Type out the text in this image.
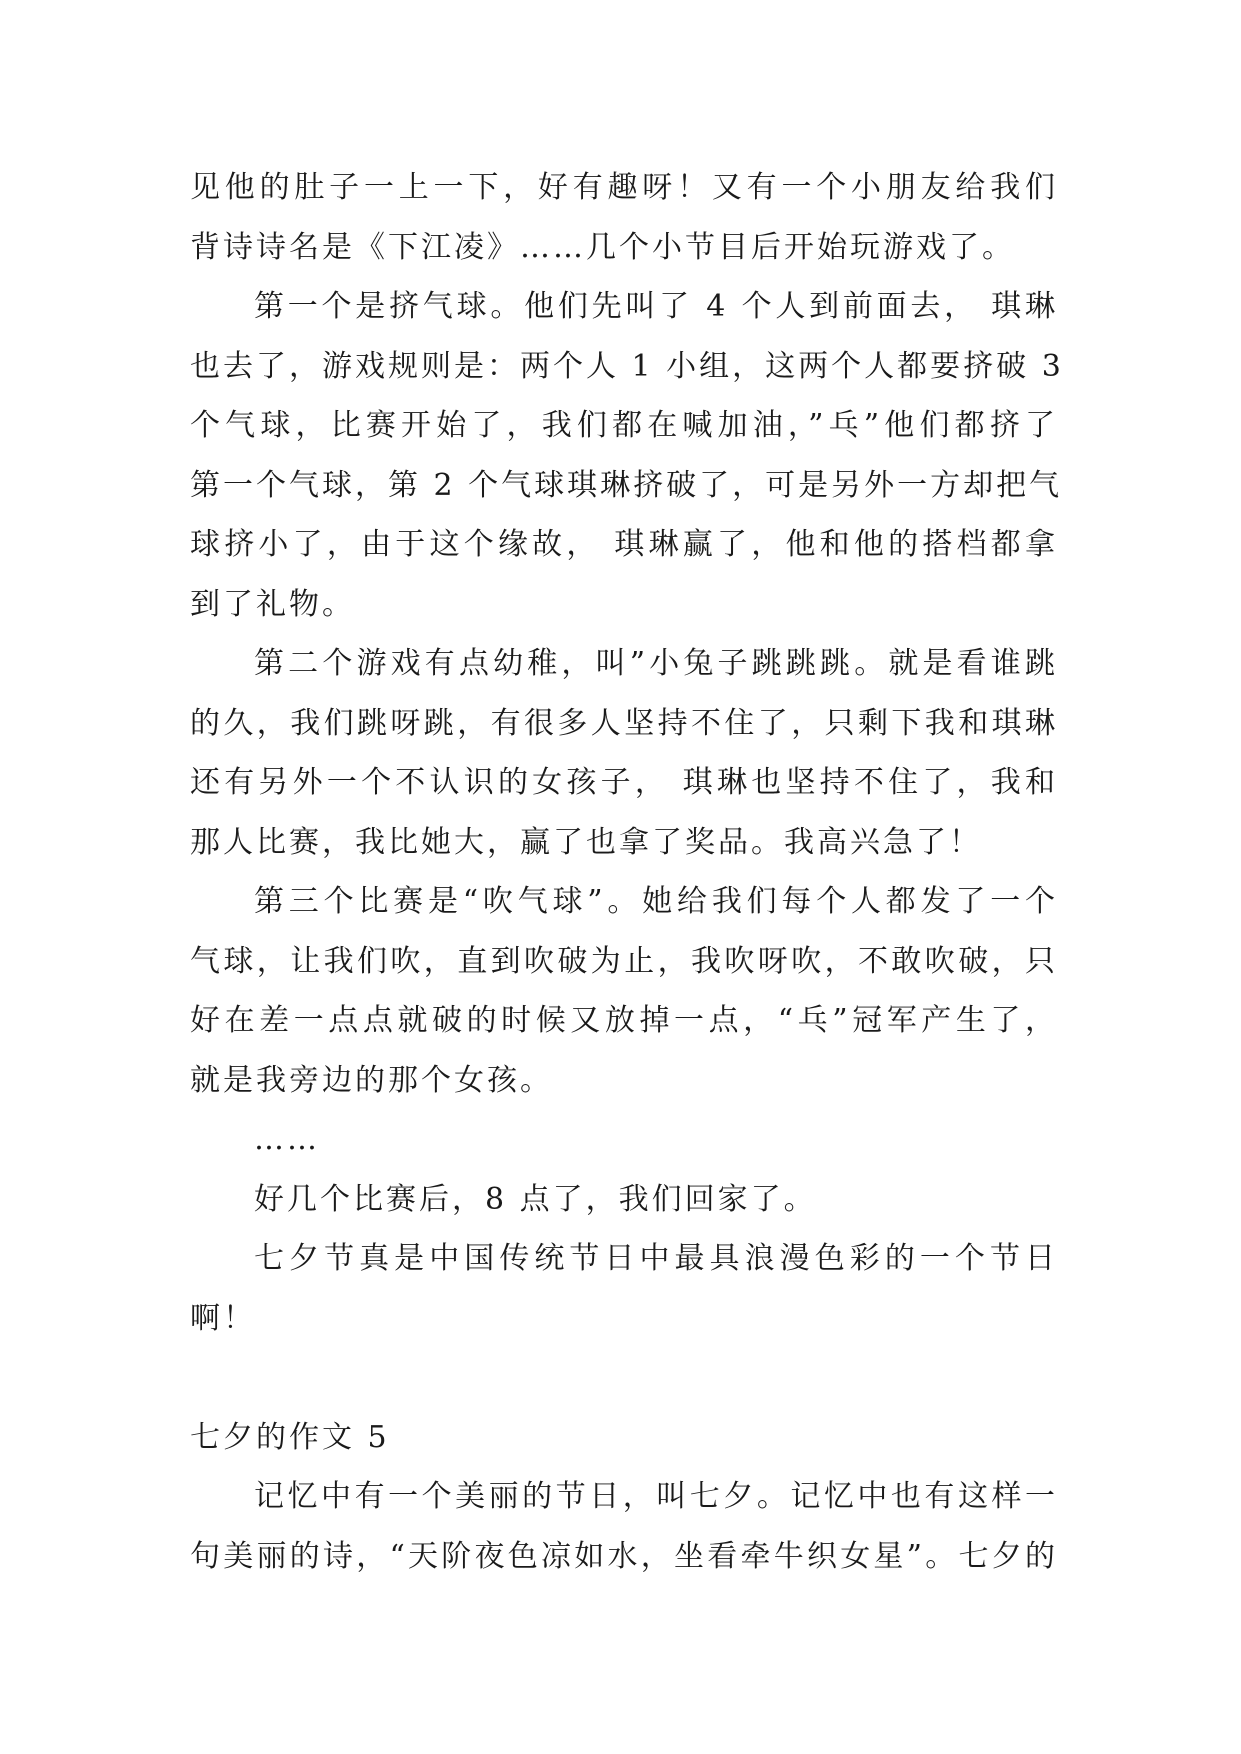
见他的肚子一上一下，好有趣呀！又有一个小朋友给我们
背诗诗名是《下江凌》……几个小节目后开始玩游戏了。
第一个是挤气球。他们先叫了 4 个人到前面去， 琪琳
也去了，游戏规则是：两个人 1 小组，这两个人都要挤破 3
个气球，比赛开始了，我们都在喊加油，”乓”他们都挤了
第一个气球，第 2 个气球琪琳挤破了，可是另外一方却把气
球挤小了，由于这个缘故， 琪琳赢了，他和他的搭档都拿
到了礼物。
第二个游戏有点幼稚，叫”小兔子跳跳跳。就是看谁跳
的久，我们跳呀跳，有很多人坚持不住了，只剩下我和琪琳
还有另外一个不认识的女孩子， 琪琳也坚持不住了，我和
那人比赛，我比她大，赢了也拿了奖品。我高兴急了！
第三个比赛是“吹气球”。她给我们每个人都发了一个
气球，让我们吹，直到吹破为止，我吹呀吹，不敢吹破，只
好在差一点点就破的时候又放掉一点，“乓”冠军产生了，
就是我旁边的那个女孩。
……
好几个比赛后，8 点了，我们回家了。
七夕节真是中国传统节日中最具浪漫色彩的一个节日
啊！
七夕的作文 5
记忆中有一个美丽的节日，叫七夕。记忆中也有这样一
句美丽的诗，“天阶夜色凉如水，坐看牵牛织女星”。七夕的
